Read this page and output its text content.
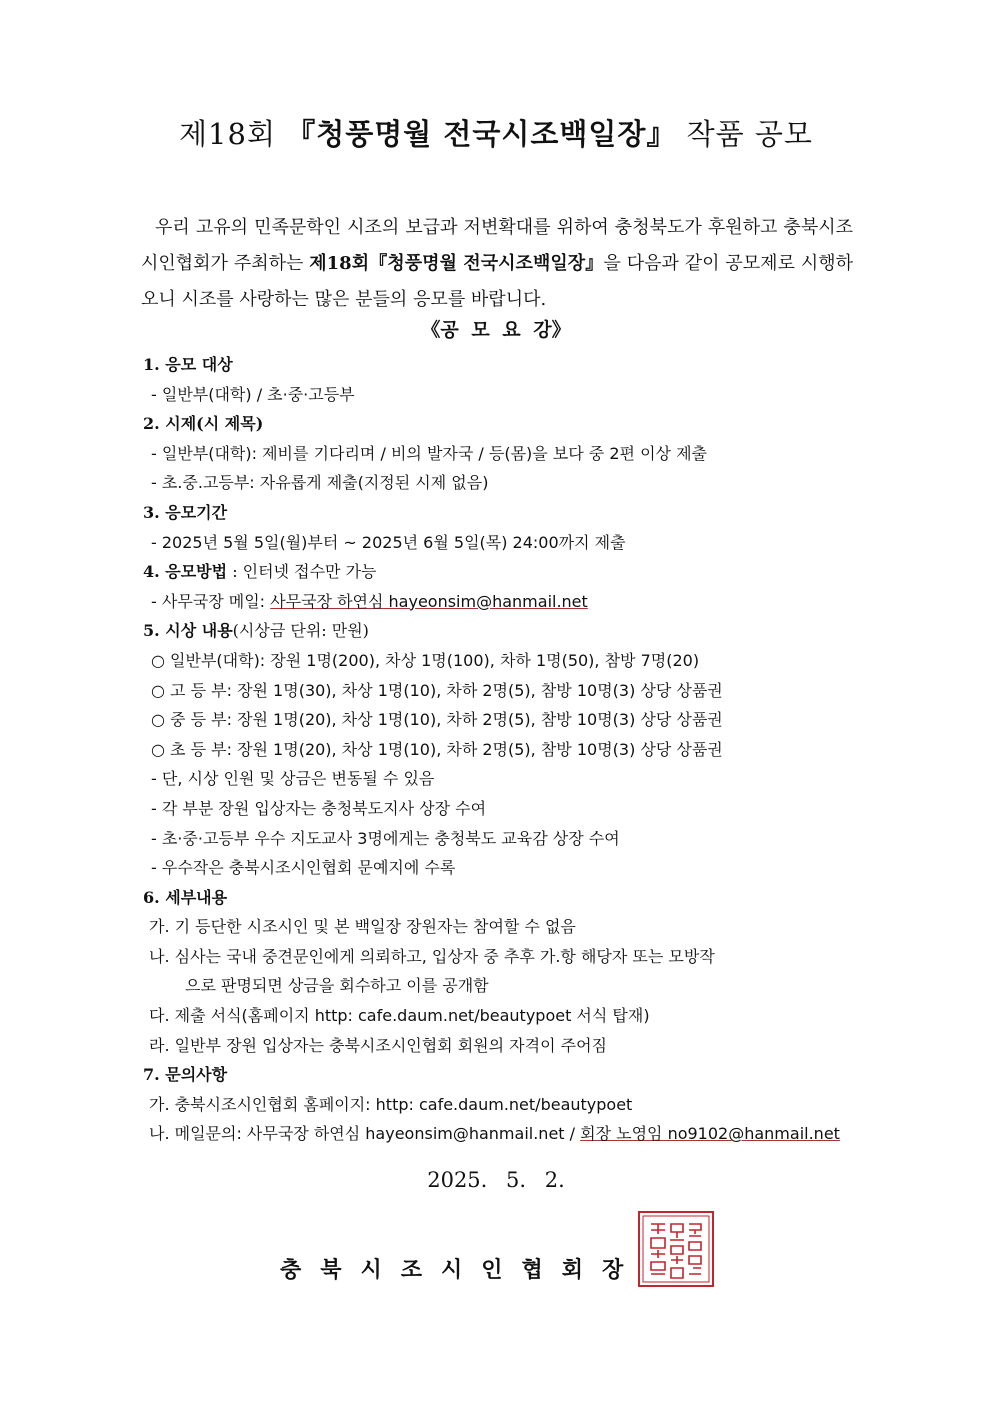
제18회 『청풍명월 전국시조백일장』 작품 공모
우리 고유의 민족문학인 시조의 보급과 저변확대를 위하여 충청북도가 후원하고 충북시조시인협회가 주최하는 제18회『청풍명월 전국시조백일장』을 다음과 같이 공모제로 시행하오니 시조를 사랑하는 많은 분들의 응모를 바랍니다.
《공 모 요 강》
1. 응모 대상
- 일반부(대학) / 초·중·고등부
2. 시제(시 제목)
- 일반부(대학): 제비를 기다리며 / 비의 발자국 / 등(몸)을 보다 중 2편 이상 제출
- 초.중.고등부: 자유롭게 제출(지정된 시제 없음)
3. 응모기간
- 2025년 5월 5일(월)부터 ~ 2025년 6월 5일(목) 24:00까지 제출
4. 응모방법 : 인터넷 접수만 가능
- 사무국장 메일: 사무국장 하연심 hayeonsim@hanmail.net
5. 시상 내용(시상금 단위: 만원)
○ 일반부(대학): 장원 1명(200), 차상 1명(100), 차하 1명(50), 참방 7명(20)
○ 고 등 부: 장원 1명(30), 차상 1명(10), 차하 2명(5), 참방 10명(3) 상당 상품권
○ 중 등 부: 장원 1명(20), 차상 1명(10), 차하 2명(5), 참방 10명(3) 상당 상품권
○ 초 등 부: 장원 1명(20), 차상 1명(10), 차하 2명(5), 참방 10명(3) 상당 상품권
- 단, 시상 인원 및 상금은 변동될 수 있음
- 각 부분 장원 입상자는 충청북도지사 상장 수여
- 초·중·고등부 우수 지도교사 3명에게는 충청북도 교육감 상장 수여
- 우수작은 충북시조시인협회 문예지에 수록
6. 세부내용
가. 기 등단한 시조시인 및 본 백일장 장원자는 참여할 수 없음
나. 심사는 국내 중견문인에게 의뢰하고, 입상자 중 추후 가.항 해당자 또는 모방작
으로 판명되면 상금을 회수하고 이를 공개함
다. 제출 서식(홈페이지 http: cafe.daum.net/beautypoet 서식 탑재)
라. 일반부 장원 입상자는 충북시조시인협회 회원의 자격이 주어짐
7. 문의사항
가. 충북시조시인협회 홈페이지: http: cafe.daum.net/beautypoet
나. 메일문의: 사무국장 하연심 hayeonsim@hanmail.net / 회장 노영임 no9102@hanmail.net
2025. 5. 2.
충북시조시인협회장
